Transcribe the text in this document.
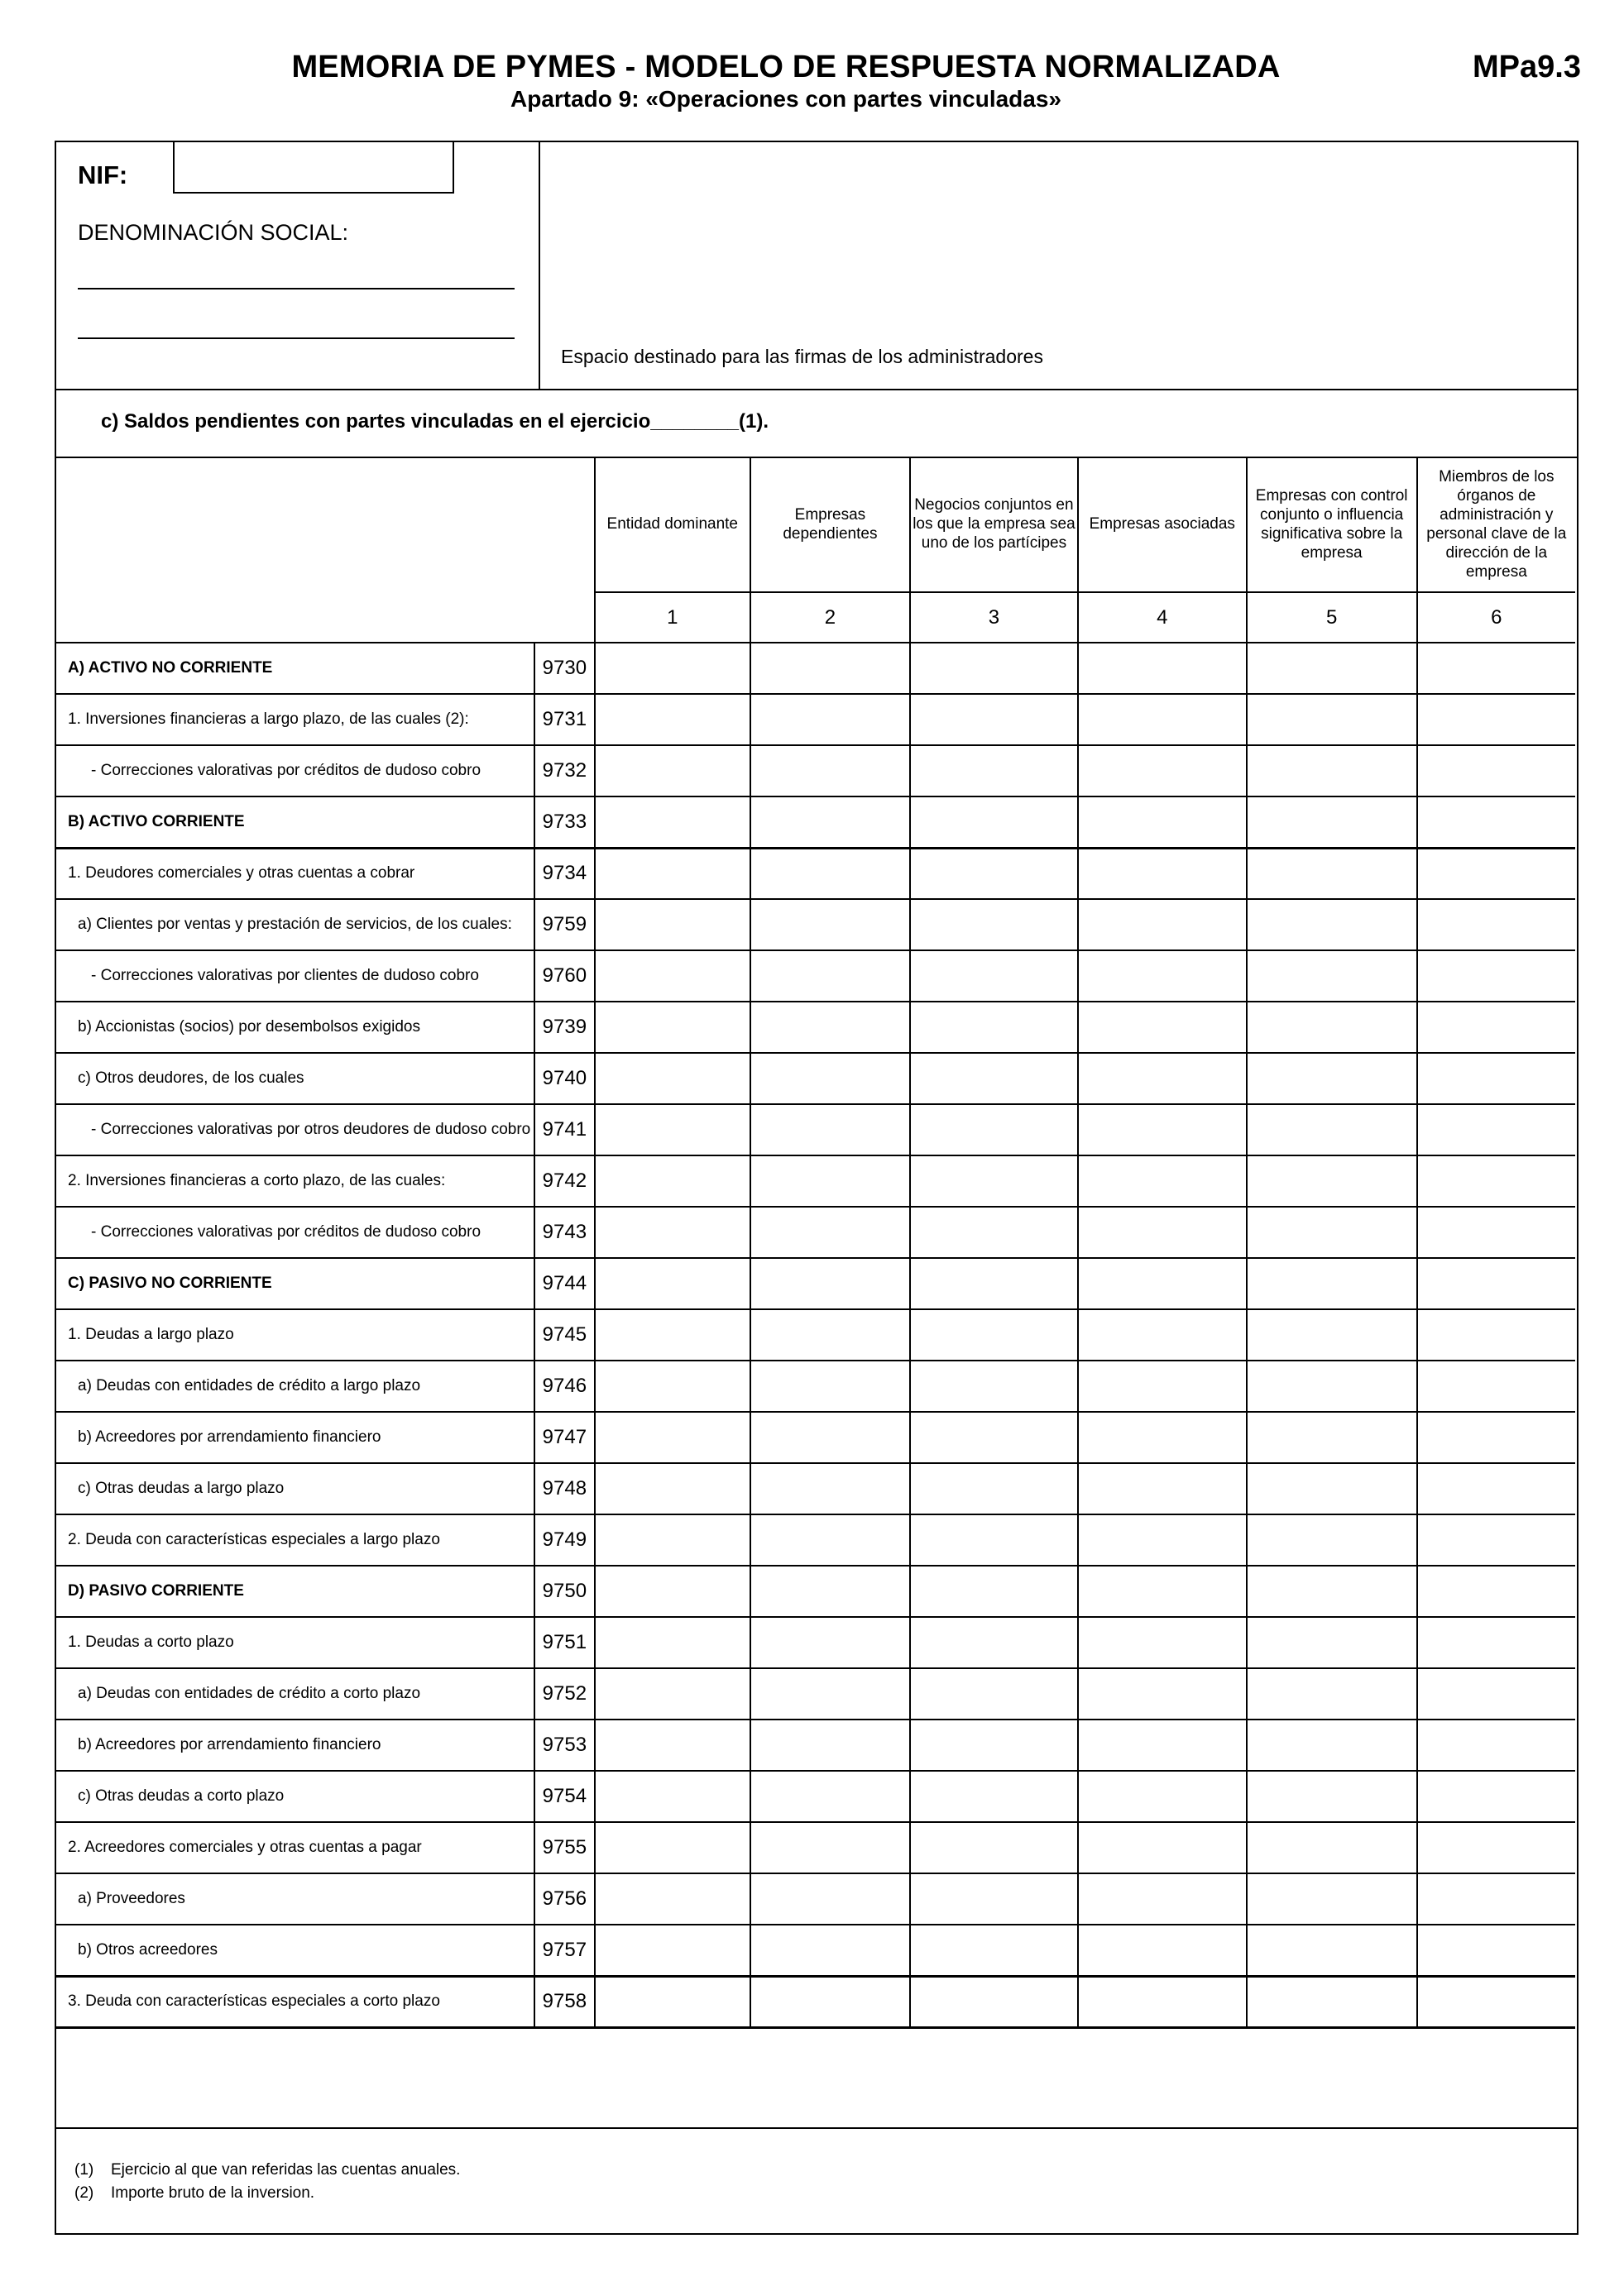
MEMORIA DE PYMES - MODELO DE RESPUESTA NORMALIZADA
Apartado 9: «Operaciones con partes vinculadas»
MPa9.3
NIF:
DENOMINACIÓN SOCIAL:
Espacio destinado para las firmas de los administradores
c) Saldos pendientes con partes vinculadas en el ejercicio________(1).
		Entidad dominante	Empresas dependientes	Negocios conjuntos en los que la empresa sea uno de los partícipes	Empresas asociadas	Empresas con control conjunto o influencia significativa sobre la empresa	Miembros de los órganos de administración y personal clave de la dirección de la empresa
		1	2	3	4	5	6
A) ACTIVO NO CORRIENTE	9730						
1. Inversiones financieras a largo plazo, de las cuales (2):	9731						
- Correcciones valorativas por créditos de dudoso cobro	9732						
B) ACTIVO CORRIENTE	9733						
1. Deudores comerciales y otras cuentas a cobrar	9734						
a) Clientes por ventas y prestación de servicios, de los cuales:	9759						
- Correcciones valorativas por clientes de dudoso cobro	9760						
b) Accionistas (socios) por desembolsos exigidos	9739						
c) Otros deudores, de los cuales	9740						
- Correcciones valorativas por otros deudores de dudoso cobro	9741						
2. Inversiones financieras a corto plazo, de las cuales:	9742						
- Correcciones valorativas por créditos de dudoso cobro	9743						
C) PASIVO NO CORRIENTE	9744						
1. Deudas a largo plazo	9745						
a) Deudas con entidades de crédito a largo plazo	9746						
b) Acreedores por arrendamiento financiero	9747						
c) Otras deudas a largo plazo	9748						
2. Deuda con características especiales a largo plazo	9749						
D) PASIVO CORRIENTE	9750						
1. Deudas a corto plazo	9751						
a) Deudas con entidades de crédito a corto plazo	9752						
b) Acreedores por arrendamiento financiero	9753						
c) Otras deudas a corto plazo	9754						
2. Acreedores comerciales y otras cuentas a pagar	9755						
a) Proveedores	9756						
b) Otros acreedores	9757						
3. Deuda con características especiales a corto plazo	9758						
(1) Ejercicio al que van referidas las cuentas anuales.
(2) Importe bruto de la inversion.
